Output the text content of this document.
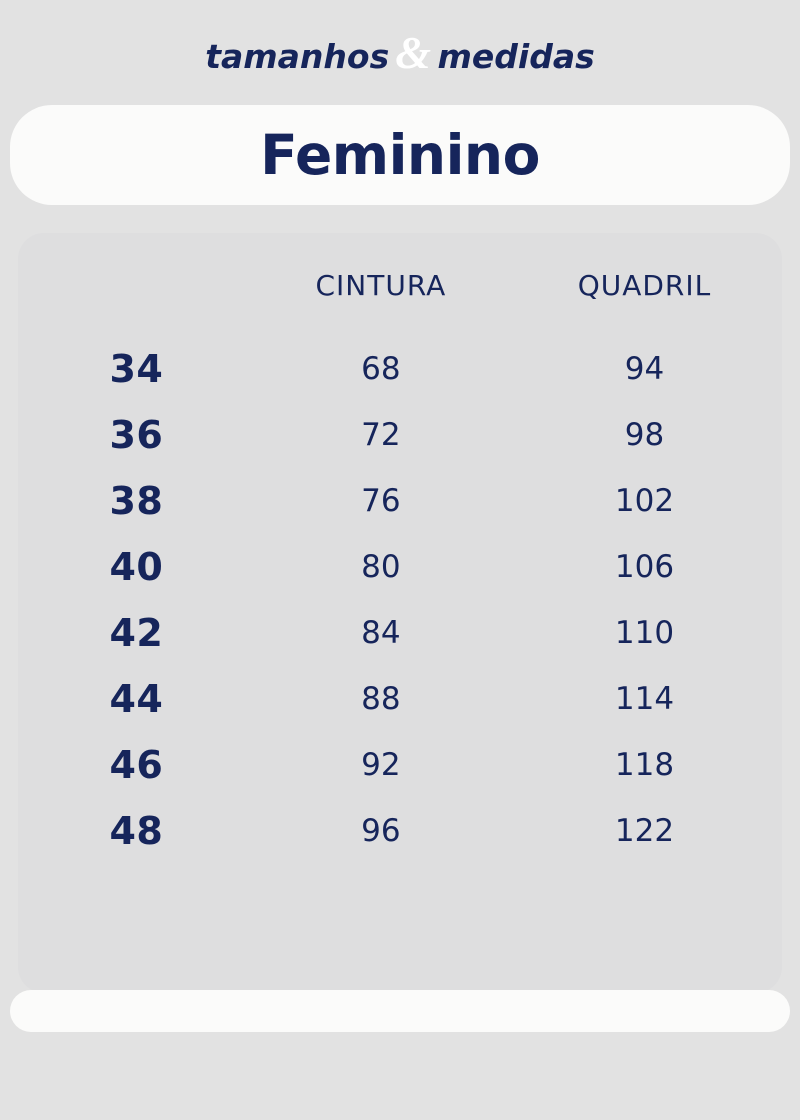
tamanhos & medidas
Feminino
	CINTURA	QUADRIL
34	68	94
36	72	98
38	76	102
40	80	106
42	84	110
44	88	114
46	92	118
48	96	122
